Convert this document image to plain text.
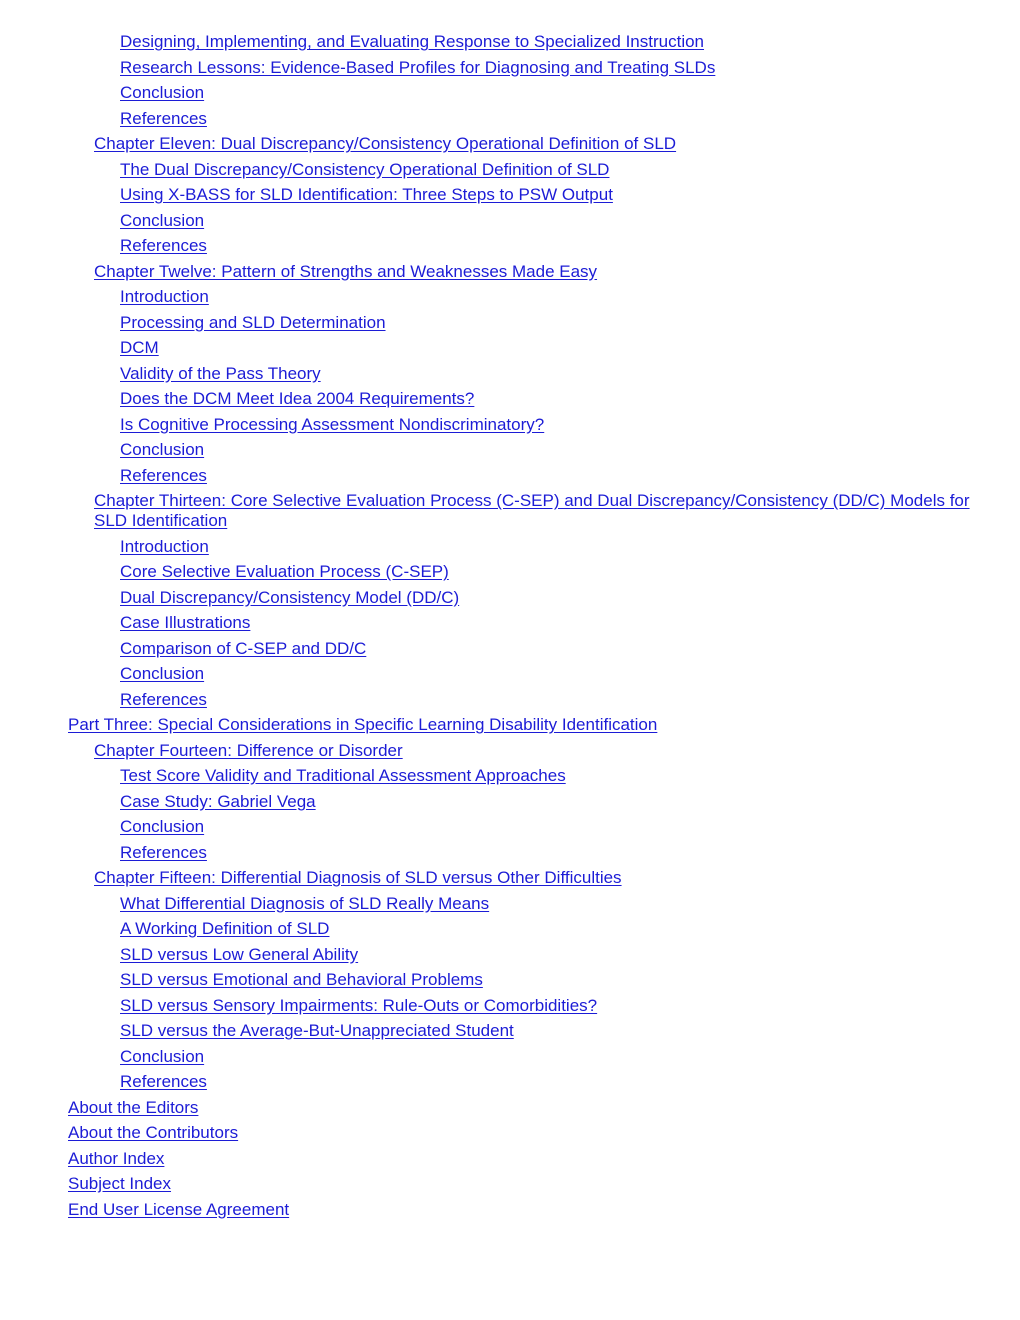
Designing, Implementing, and Evaluating Response to Specialized Instruction
Research Lessons: Evidence-Based Profiles for Diagnosing and Treating SLDs
Conclusion
References
Chapter Eleven: Dual Discrepancy/Consistency Operational Definition of SLD
The Dual Discrepancy/Consistency Operational Definition of SLD
Using X-BASS for SLD Identification: Three Steps to PSW Output
Conclusion
References
Chapter Twelve: Pattern of Strengths and Weaknesses Made Easy
Introduction
Processing and SLD Determination
DCM
Validity of the Pass Theory
Does the DCM Meet Idea 2004 Requirements?
Is Cognitive Processing Assessment Nondiscriminatory?
Conclusion
References
Chapter Thirteen: Core Selective Evaluation Process (C-SEP) and Dual Discrepancy/Consistency (DD/C) Models for SLD Identification
Introduction
Core Selective Evaluation Process (C-SEP)
Dual Discrepancy/Consistency Model (DD/C)
Case Illustrations
Comparison of C-SEP and DD/C
Conclusion
References
Part Three: Special Considerations in Specific Learning Disability Identification
Chapter Fourteen: Difference or Disorder
Test Score Validity and Traditional Assessment Approaches
Case Study: Gabriel Vega
Conclusion
References
Chapter Fifteen: Differential Diagnosis of SLD versus Other Difficulties
What Differential Diagnosis of SLD Really Means
A Working Definition of SLD
SLD versus Low General Ability
SLD versus Emotional and Behavioral Problems
SLD versus Sensory Impairments: Rule-Outs or Comorbidities?
SLD versus the Average-But-Unappreciated Student
Conclusion
References
About the Editors
About the Contributors
Author Index
Subject Index
End User License Agreement
